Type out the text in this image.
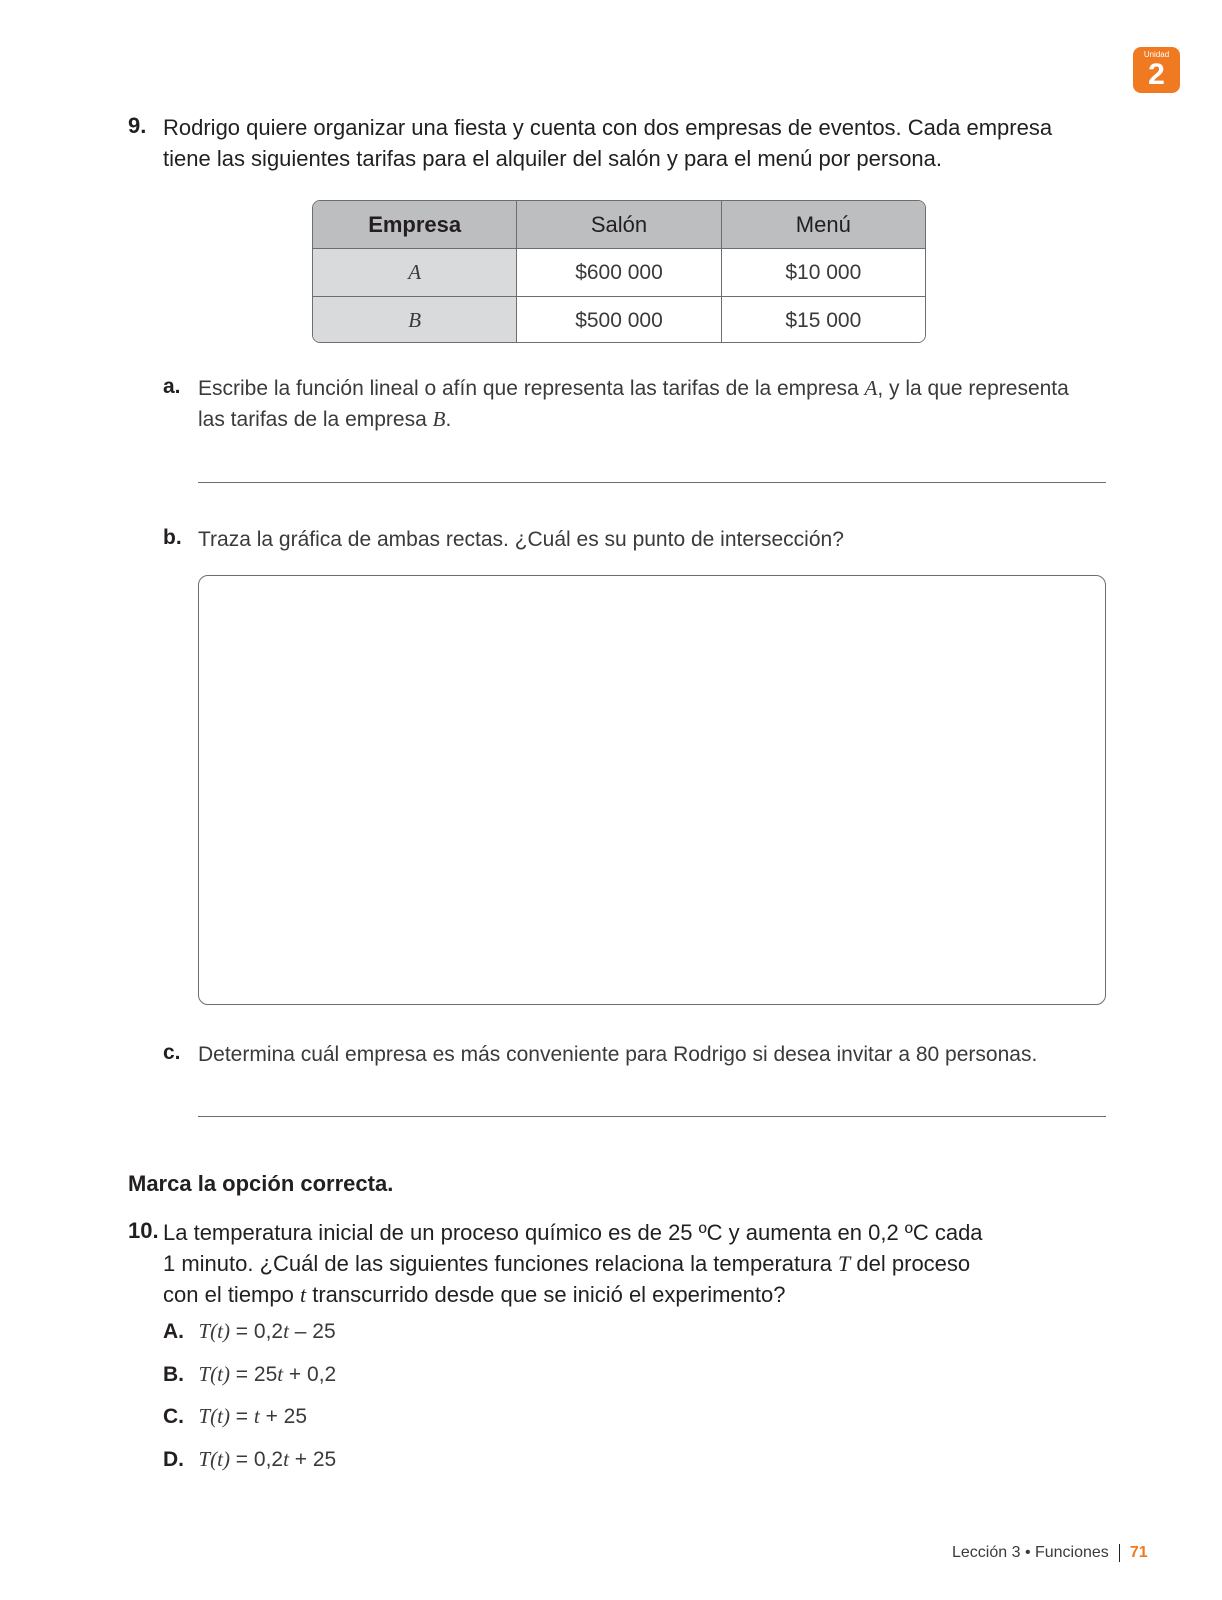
Unidad
2
9. Rodrigo quiere organizar una fiesta y cuenta con dos empresas de eventos. Cada empresa
tiene las siguientes tarifas para el alquiler del salón y para el menú por persona.
Empresa	Salón	Menú
A	$600 000	$10 000
B	$500 000	$15 000
a. Escribe la función lineal o afín que representa las tarifas de la empresa A, y la que representa
las tarifas de la empresa B.
b. Traza la gráfica de ambas rectas. ¿Cuál es su punto de intersección?
c. Determina cuál empresa es más conveniente para Rodrigo si desea invitar a 80 personas.
Marca la opción correcta.
10. La temperatura inicial de un proceso químico es de 25 ºC y aumenta en 0,2 ºC cada
1 minuto. ¿Cuál de las siguientes funciones relaciona la temperatura T del proceso
con el tiempo t transcurrido desde que se inició el experimento?
A. T(t) = 0,2t – 25
B. T(t) = 25t + 0,2
C. T(t) = t + 25
D. T(t) = 0,2t + 25
Lección 3 • Funciones 71
